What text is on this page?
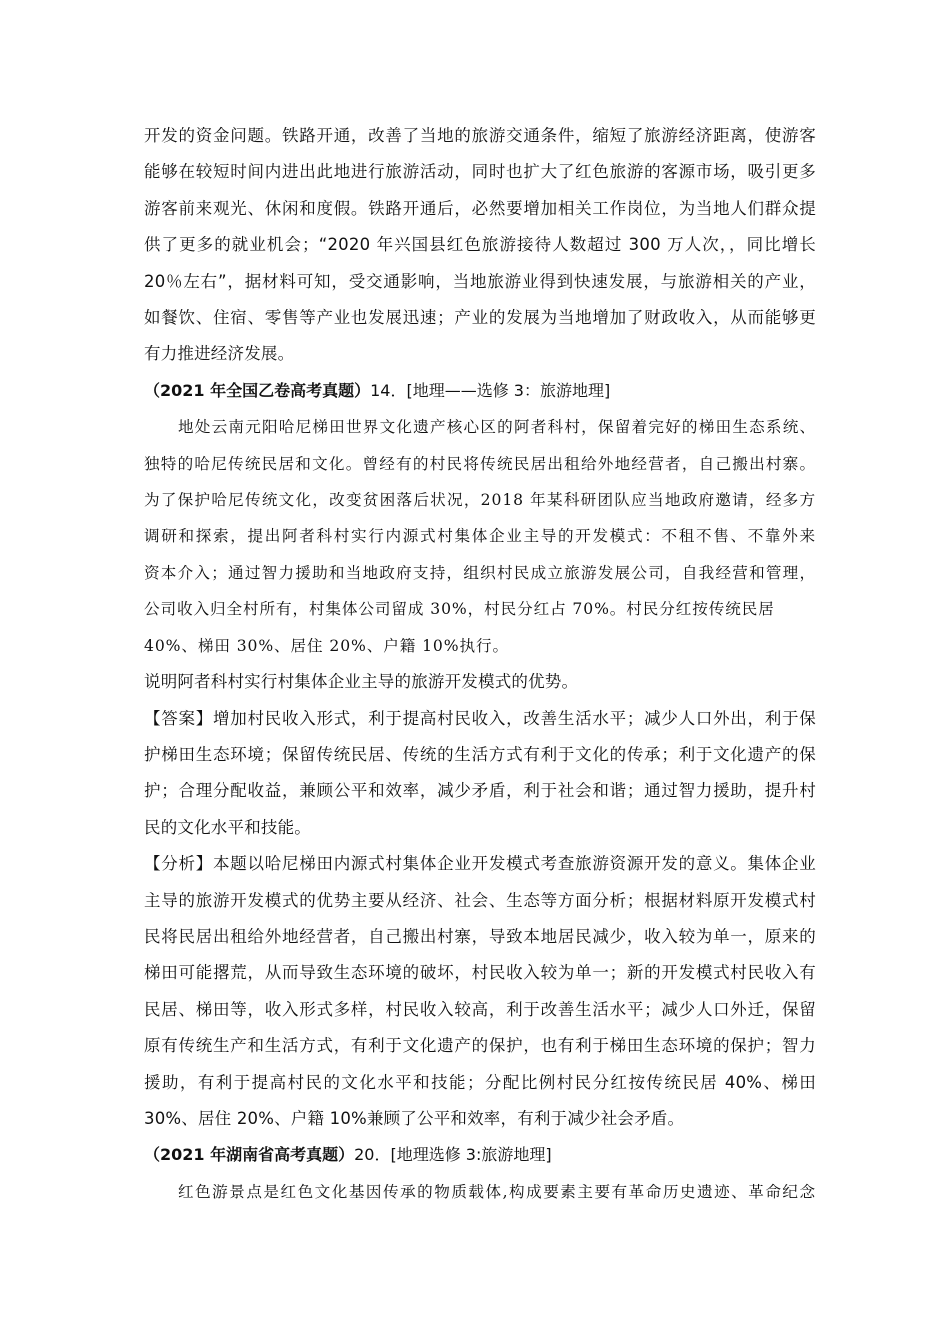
开发的资金问题。铁路开通，改善了当地的旅游交通条件，缩短了旅游经济距离，使游客
能够在较短时间内进出此地进行旅游活动，同时也扩大了红色旅游的客源市场，吸引更多
游客前来观光、休闲和度假。铁路开通后，必然要增加相关工作岗位，为当地人们群众提
供了更多的就业机会；“2020 年兴国县红色旅游接待人数超过 300 万人次，，同比增长
20％左右”，据材料可知，受交通影响，当地旅游业得到快速发展，与旅游相关的产业，
如餐饮、住宿、零售等产业也发展迅速；产业的发展为当地增加了财政收入，从而能够更
有力推进经济发展。
（2021 年全国乙卷高考真题）14．[地理——选修 3：旅游地理]
地处云南元阳哈尼梯田世界文化遗产核心区的阿者科村，保留着完好的梯田生态系统、
独特的哈尼传统民居和文化。曾经有的村民将传统民居出租给外地经营者，自己搬出村寨。
为了保护哈尼传统文化，改变贫困落后状况，2018 年某科研团队应当地政府邀请，经多方
调研和探索，提出阿者科村实行内源式村集体企业主导的开发模式：不租不售、不靠外来
资本介入；通过智力援助和当地政府支持，组织村民成立旅游发展公司，自我经营和管理，
公司收入归全村所有，村集体公司留成 30%，村民分红占 70%。村民分红按传统民居
40%、梯田 30%、居住 20%、户籍 10%执行。
说明阿者科村实行村集体企业主导的旅游开发模式的优势。
【答案】增加村民收入形式，利于提高村民收入，改善生活水平；减少人口外出，利于保
护梯田生态环境；保留传统民居、传统的生活方式有利于文化的传承；利于文化遗产的保
护；合理分配收益，兼顾公平和效率，减少矛盾，利于社会和谐；通过智力援助，提升村
民的文化水平和技能。
【分析】本题以哈尼梯田内源式村集体企业开发模式考查旅游资源开发的意义。集体企业
主导的旅游开发模式的优势主要从经济、社会、生态等方面分析；根据材料原开发模式村
民将民居出租给外地经营者，自己搬出村寨，导致本地居民减少，收入较为单一，原来的
梯田可能撂荒，从而导致生态环境的破坏，村民收入较为单一；新的开发模式村民收入有
民居、梯田等，收入形式多样，村民收入较高，利于改善生活水平；减少人口外迁，保留
原有传统生产和生活方式，有利于文化遗产的保护，也有利于梯田生态环境的保护；智力
援助，有利于提高村民的文化水平和技能；分配比例村民分红按传统民居 40%、梯田
30%、居住 20%、户籍 10%兼顾了公平和效率，有利于减少社会矛盾。
（2021 年湖南省高考真题）20．[地理选修 3:旅游地理]
红色游景点是红色文化基因传承的物质载体,构成要素主要有革命历史遗迹、革命纪念
